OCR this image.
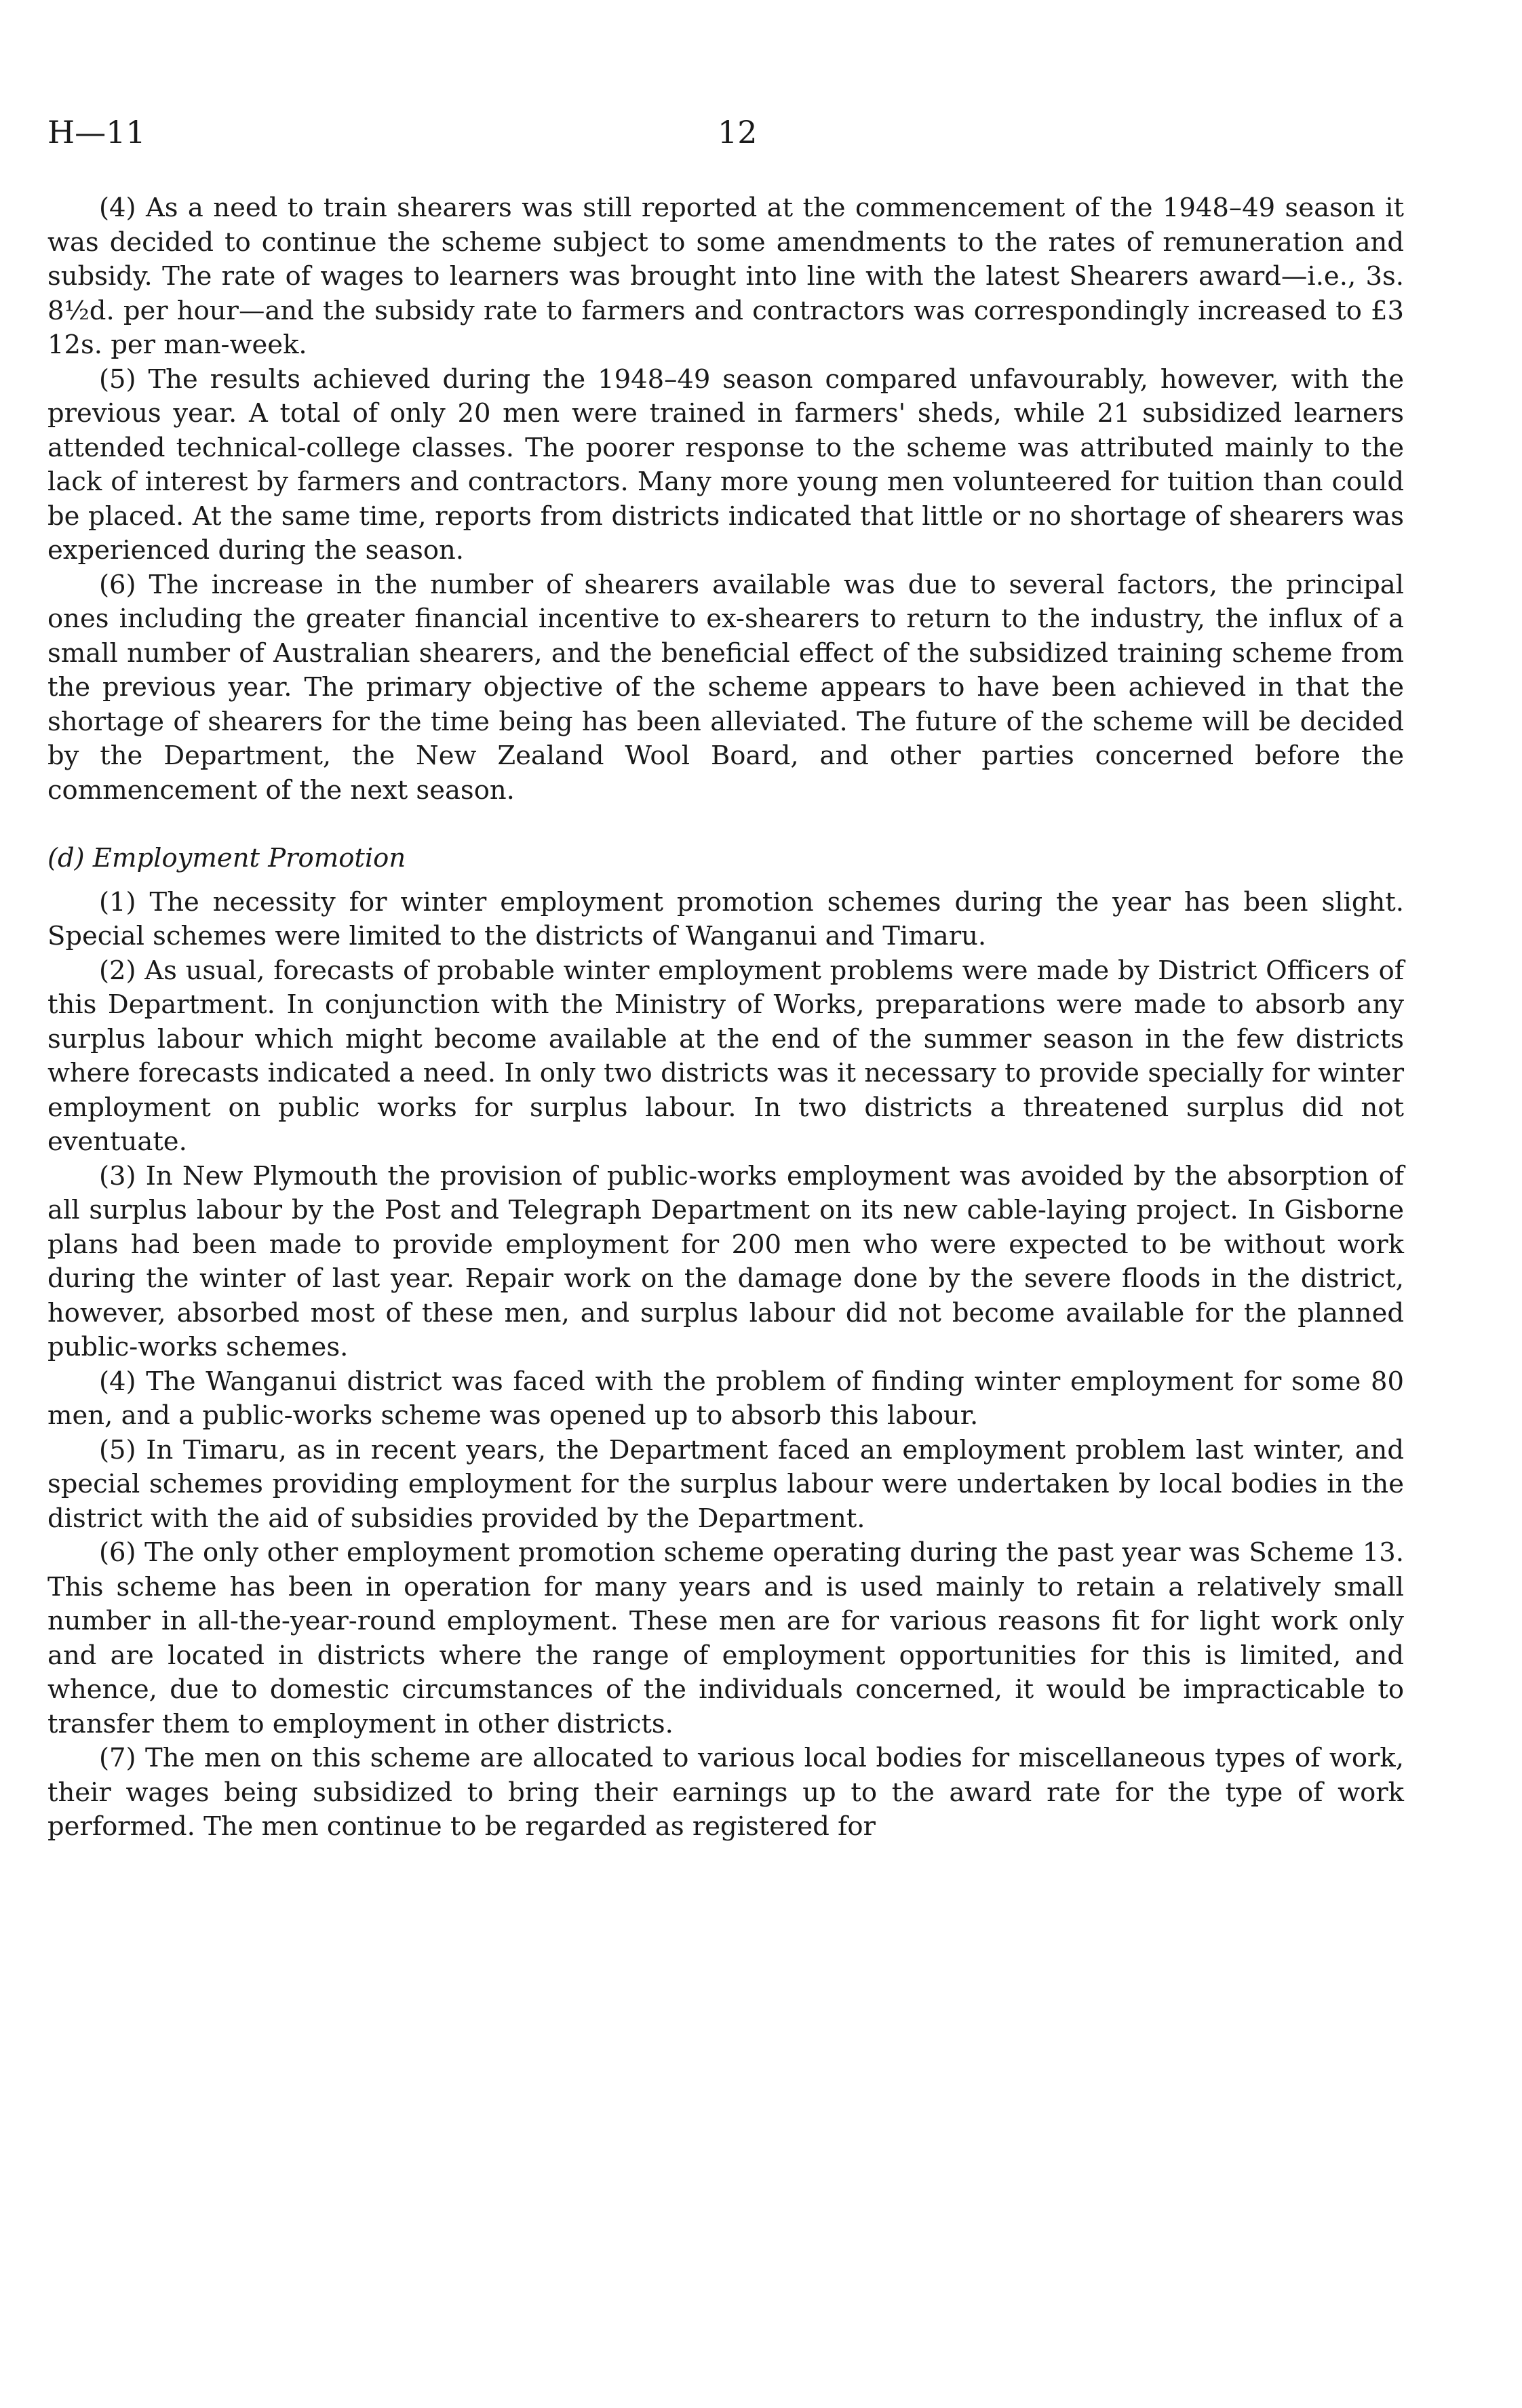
H—11	12

(4) As a need to train shearers was still reported at the commencement of the 1948–49 season it was decided to continue the scheme subject to some amendments to the rates of remuneration and subsidy. The rate of wages to learners was brought into line with the latest Shearers award—i.e., 3s. 8½d. per hour—and the subsidy rate to farmers and contractors was correspondingly increased to £3 12s. per man-week.

(5) The results achieved during the 1948–49 season compared unfavourably, however, with the previous year. A total of only 20 men were trained in farmers' sheds, while 21 subsidized learners attended technical-college classes. The poorer response to the scheme was attributed mainly to the lack of interest by farmers and contractors. Many more young men volunteered for tuition than could be placed. At the same time, reports from districts indicated that little or no shortage of shearers was experienced during the season.

(6) The increase in the number of shearers available was due to several factors, the principal ones including the greater financial incentive to ex-shearers to return to the industry, the influx of a small number of Australian shearers, and the beneficial effect of the subsidized training scheme from the previous year. The primary objective of the scheme appears to have been achieved in that the shortage of shearers for the time being has been alleviated. The future of the scheme will be decided by the Department, the New Zealand Wool Board, and other parties concerned before the commencement of the next season.

(d) Employment Promotion

(1) The necessity for winter employment promotion schemes during the year has been slight. Special schemes were limited to the districts of Wanganui and Timaru.

(2) As usual, forecasts of probable winter employment problems were made by District Officers of this Department. In conjunction with the Ministry of Works, preparations were made to absorb any surplus labour which might become available at the end of the summer season in the few districts where forecasts indicated a need. In only two districts was it necessary to provide specially for winter employment on public works for surplus labour. In two districts a threatened surplus did not eventuate.

(3) In New Plymouth the provision of public-works employment was avoided by the absorption of all surplus labour by the Post and Telegraph Department on its new cable-laying project. In Gisborne plans had been made to provide employment for 200 men who were expected to be without work during the winter of last year. Repair work on the damage done by the severe floods in the district, however, absorbed most of these men, and surplus labour did not become available for the planned public-works schemes.

(4) The Wanganui district was faced with the problem of finding winter employment for some 80 men, and a public-works scheme was opened up to absorb this labour.

(5) In Timaru, as in recent years, the Department faced an employment problem last winter, and special schemes providing employment for the surplus labour were undertaken by local bodies in the district with the aid of subsidies provided by the Department.

(6) The only other employment promotion scheme operating during the past year was Scheme 13. This scheme has been in operation for many years and is used mainly to retain a relatively small number in all-the-year-round employment. These men are for various reasons fit for light work only and are located in districts where the range of employment opportunities for this is limited, and whence, due to domestic circumstances of the individuals concerned, it would be impracticable to transfer them to employment in other districts.

(7) The men on this scheme are allocated to various local bodies for miscellaneous types of work, their wages being subsidized to bring their earnings up to the award rate for the type of work performed. The men continue to be regarded as registered for
